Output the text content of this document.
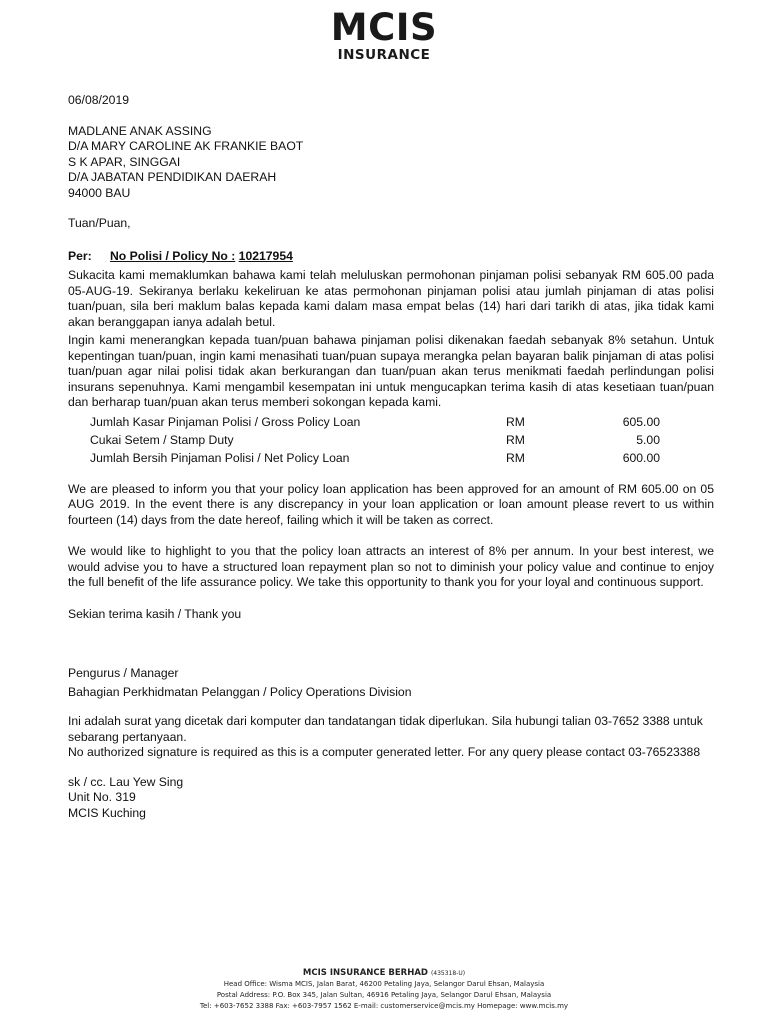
MCIS
INSURANCE

06/08/2019

MADLANE ANAK ASSING

D/A MARY CAROLINE AK FRANKIE BAOT

S K APAR, SINGGAI

D/A JABATAN PENDIDIKAN DAERAH

94000 BAU

Tuan/Puan,

Per: No Polisi / Policy No : 10217954

Sukacita kami memaklumkan bahawa kami telah meluluskan permohonan pinjaman polisi sebanyak RM 605.00 pada 05-AUG-19. Sekiranya berlaku kekeliruan ke atas permohonan pinjaman polisi atau jumlah pinjaman di atas polisi tuan/puan, sila beri maklum balas kepada kami dalam masa empat belas (14) hari dari tarikh di atas, jika tidak kami akan beranggapan ianya adalah betul.

Ingin kami menerangkan kepada tuan/puan bahawa pinjaman polisi dikenakan faedah sebanyak 8% setahun. Untuk kepentingan tuan/puan, ingin kami menasihati tuan/puan supaya merangka pelan bayaran balik pinjaman di atas polisi tuan/puan agar nilai polisi tidak akan berkurangan dan tuan/puan akan terus menikmati faedah perlindungan polisi insurans sepenuhnya. Kami mengambil kesempatan ini untuk mengucapkan terima kasih di atas kesetiaan tuan/puan dan berharap tuan/puan akan terus memberi sokongan kepada kami.

Jumlah Kasar Pinjaman Polisi / Gross Policy Loan	RM	605.00
Cukai Setem / Stamp Duty	RM	5.00
Jumlah Bersih Pinjaman Polisi / Net Policy Loan	RM	600.00

We are pleased to inform you that your policy loan application has been approved for an amount of RM 605.00 on 05 AUG 2019. In the event there is any discrepancy in your loan application or loan amount please revert to us within fourteen (14) days from the date hereof, failing which it will be taken as correct.

We would like to highlight to you that the policy loan attracts an interest of 8% per annum. In your best interest, we would advise you to have a structured loan repayment plan so not to diminish your policy value and continue to enjoy the full benefit of the life assurance policy. We take this opportunity to thank you for your loyal and continuous support.

Sekian terima kasih / Thank you

Pengurus / Manager

Bahagian Perkhidmatan Pelanggan / Policy Operations Division

Ini adalah surat yang dicetak dari komputer dan tandatangan tidak diperlukan. Sila hubungi talian 03-7652 3388 untuk sebarang pertanyaan.

No authorized signature is required as this is a computer generated letter. For any query please contact 03-76523388

sk / cc. Lau Yew Sing

Unit No. 319

MCIS Kuching

MCIS INSURANCE BERHAD (435318-U)
Head Office: Wisma MCIS, Jalan Barat, 46200 Petaling Jaya, Selangor Darul Ehsan, Malaysia
Postal Address: P.O. Box 345, Jalan Sultan, 46916 Petaling Jaya, Selangor Darul Ehsan, Malaysia
Tel: +603-7652 3388 Fax: +603-7957 1562 E-mail: customerservice@mcis.my Homepage: www.mcis.my
